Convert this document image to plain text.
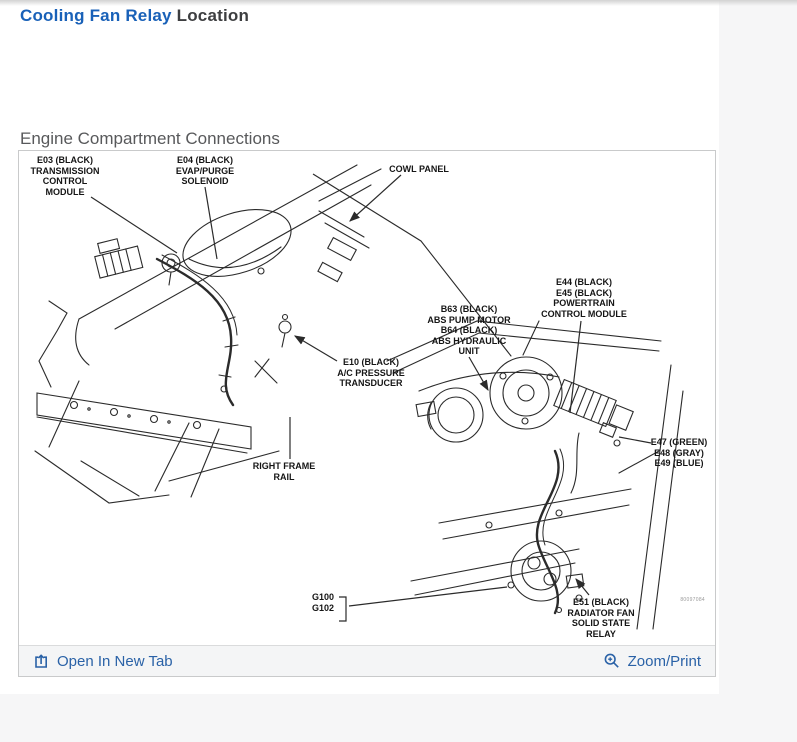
Cooling Fan Relay Location
Engine Compartment Connections
E03 (BLACK)
TRANSMISSION
CONTROL
MODULE
E04 (BLACK)
EVAP/PURGE
SOLENOID
COWL PANEL
E44 (BLACK)
E45 (BLACK)
POWERTRAIN
CONTROL MODULE
B63 (BLACK)
ABS PUMP MOTOR
B64 (BLACK)
ABS HYDRAULIC
UNIT
E10 (BLACK)
A/C PRESSURE
TRANSDUCER
RIGHT FRAME
RAIL
E47 (GREEN)
E48 (GRAY)
E49 (BLUE)
G100
G102
E51 (BLACK)
RADIATOR FAN
SOLID STATE
RELAY
80097084
Open In New Tab	Zoom/Print
